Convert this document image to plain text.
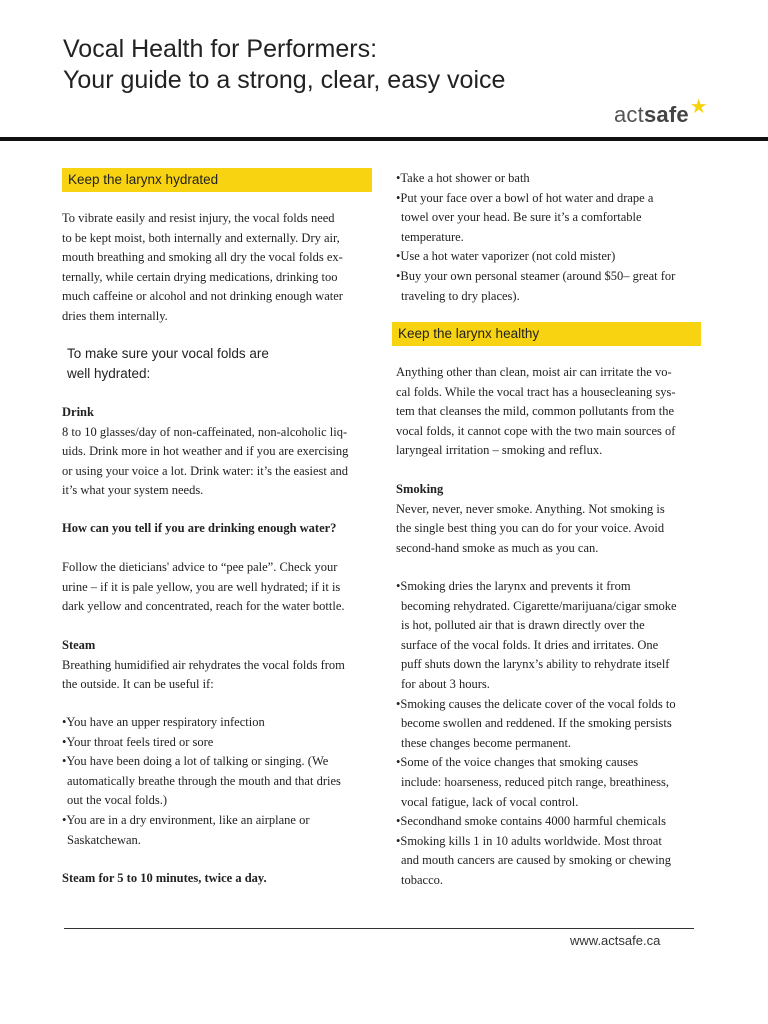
Vocal Health for Performers:
Your guide to a strong, clear, easy voice
actsafe★
Keep the larynx hydrated

To vibrate easily and resist injury, the vocal folds need

to be kept moist, both internally and externally. Dry air,

mouth breathing and smoking all dry the vocal folds ex-

ternally, while certain drying medications, drinking too

much caffeine or alcohol and not drinking enough water

dries them internally.

To make sure your vocal folds are
well hydrated:

Drink

8 to 10 glasses/day of non-caffeinated, non-alcoholic liq-

uids. Drink more in hot weather and if you are exercising

or using your voice a lot. Drink water: it’s the easiest and

it’s what your system needs.

How can you tell if you are drinking enough water?

Follow the dieticians' advice to “pee pale”. Check your

urine – if it is pale yellow, you are well hydrated; if it is

dark yellow and concentrated, reach for the water bottle.

Steam

Breathing humidified air rehydrates the vocal folds from

the outside. It can be useful if:

•You have an upper respiratory infection

•Your throat feels tired or sore

•You have been doing a lot of talking or singing. (We

automatically breathe through the mouth and that dries

out the vocal folds.)

•You are in a dry environment, like an airplane or

Saskatchewan.

Steam for 5 to 10 minutes, twice a day.

•Take a hot shower or bath

•Put your face over a bowl of hot water and drape a

towel over your head. Be sure it’s a comfortable

temperature.

•Use a hot water vaporizer (not cold mister)

•Buy your own personal steamer (around $50– great for

traveling to dry places).

Keep the larynx healthy

Anything other than clean, moist air can irritate the vo-

cal folds. While the vocal tract has a housecleaning sys-

tem that cleanses the mild, common pollutants from the

vocal folds, it cannot cope with the two main sources of

laryngeal irritation – smoking and reflux.

Smoking

Never, never, never smoke. Anything. Not smoking is

the single best thing you can do for your voice. Avoid

second-hand smoke as much as you can.

•Smoking dries the larynx and prevents it from

becoming rehydrated. Cigarette/marijuana/cigar smoke

is hot, polluted air that is drawn directly over the

surface of the vocal folds. It dries and irritates. One

puff shuts down the larynx’s ability to rehydrate itself

for about 3 hours.

•Smoking causes the delicate cover of the vocal folds to

become swollen and reddened. If the smoking persists

these changes become permanent.

•Some of the voice changes that smoking causes

include: hoarseness, reduced pitch range, breathiness,

vocal fatigue, lack of vocal control.

•Secondhand smoke contains 4000 harmful chemicals

•Smoking kills 1 in 10 adults worldwide. Most throat

and mouth cancers are caused by smoking or chewing

tobacco.

www.actsafe.ca
